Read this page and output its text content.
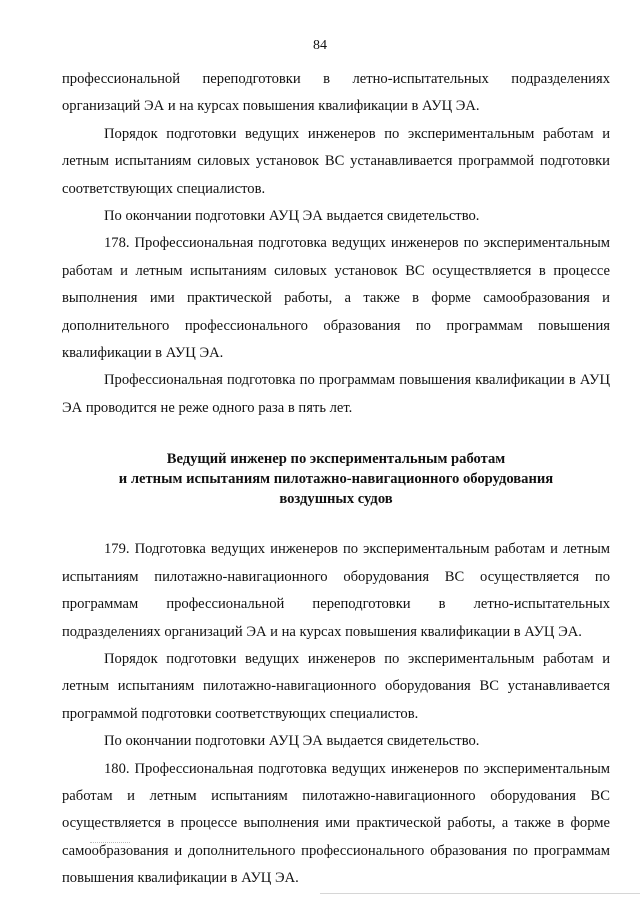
84

профессиональной переподготовки в летно-испытательных подразделениях организаций ЭА и на курсах повышения квалификации в АУЦ ЭА.

Порядок подготовки ведущих инженеров по экспериментальным работам и летным испытаниям силовых установок ВС устанавливается программой подготовки соответствующих специалистов.

По окончании подготовки АУЦ ЭА выдается свидетельство.

178. Профессиональная подготовка ведущих инженеров по экспериментальным работам и летным испытаниям силовых установок ВС осуществляется в процессе выполнения ими практической работы, а также в форме самообразования и дополнительного профессионального образования по программам повышения квалификации в АУЦ ЭА.

Профессиональная подготовка по программам повышения квалификации в АУЦ ЭА проводится не реже одного раза в пять лет.

Ведущий инженер по экспериментальным работам
и летным испытаниям пилотажно-навигационного оборудования
воздушных судов

179. Подготовка ведущих инженеров по экспериментальным работам и летным испытаниям пилотажно-навигационного оборудования ВС осуществляется по программам профессиональной переподготовки в летно-испытательных подразделениях организаций ЭА и на курсах повышения квалификации в АУЦ ЭА.

Порядок подготовки ведущих инженеров по экспериментальным работам и летным испытаниям пилотажно-навигационного оборудования ВС устанавливается программой подготовки соответствующих специалистов.

По окончании подготовки АУЦ ЭА выдается свидетельство.

180. Профессиональная подготовка ведущих инженеров по экспериментальным работам и летным испытаниям пилотажно-навигационного оборудования ВС осуществляется в процессе выполнения ими практической работы, а также в форме самообразования и дополнительного профессионального образования по программам повышения квалификации в АУЦ ЭА.
